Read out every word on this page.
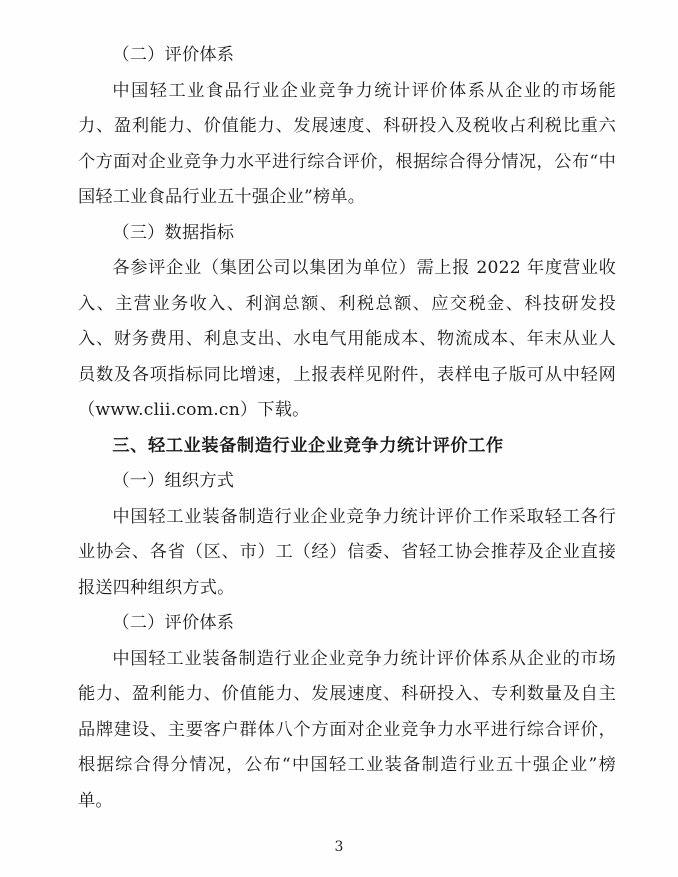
（二）评价体系

中国轻工业食品行业企业竞争力统计评价体系从企业的市场能力、盈利能力、价值能力、发展速度、科研投入及税收占利税比重六个方面对企业竞争力水平进行综合评价，根据综合得分情况，公布“中国轻工业食品行业五十强企业”榜单。

（三）数据指标

各参评企业（集团公司以集团为单位）需上报 2022 年度营业收入、主营业务收入、利润总额、利税总额、应交税金、科技研发投入、财务费用、利息支出、水电气用能成本、物流成本、年末从业人员数及各项指标同比增速，上报表样见附件，表样电子版可从中轻网（www.clii.com.cn）下载。

三、轻工业装备制造行业企业竞争力统计评价工作

（一）组织方式

中国轻工业装备制造行业企业竞争力统计评价工作采取轻工各行业协会、各省（区、市）工（经）信委、省轻工协会推荐及企业直接报送四种组织方式。

（二）评价体系

中国轻工业装备制造行业企业竞争力统计评价体系从企业的市场能力、盈利能力、价值能力、发展速度、科研投入、专利数量及自主品牌建设、主要客户群体八个方面对企业竞争力水平进行综合评价，根据综合得分情况，公布“中国轻工业装备制造行业五十强企业”榜单。

3
